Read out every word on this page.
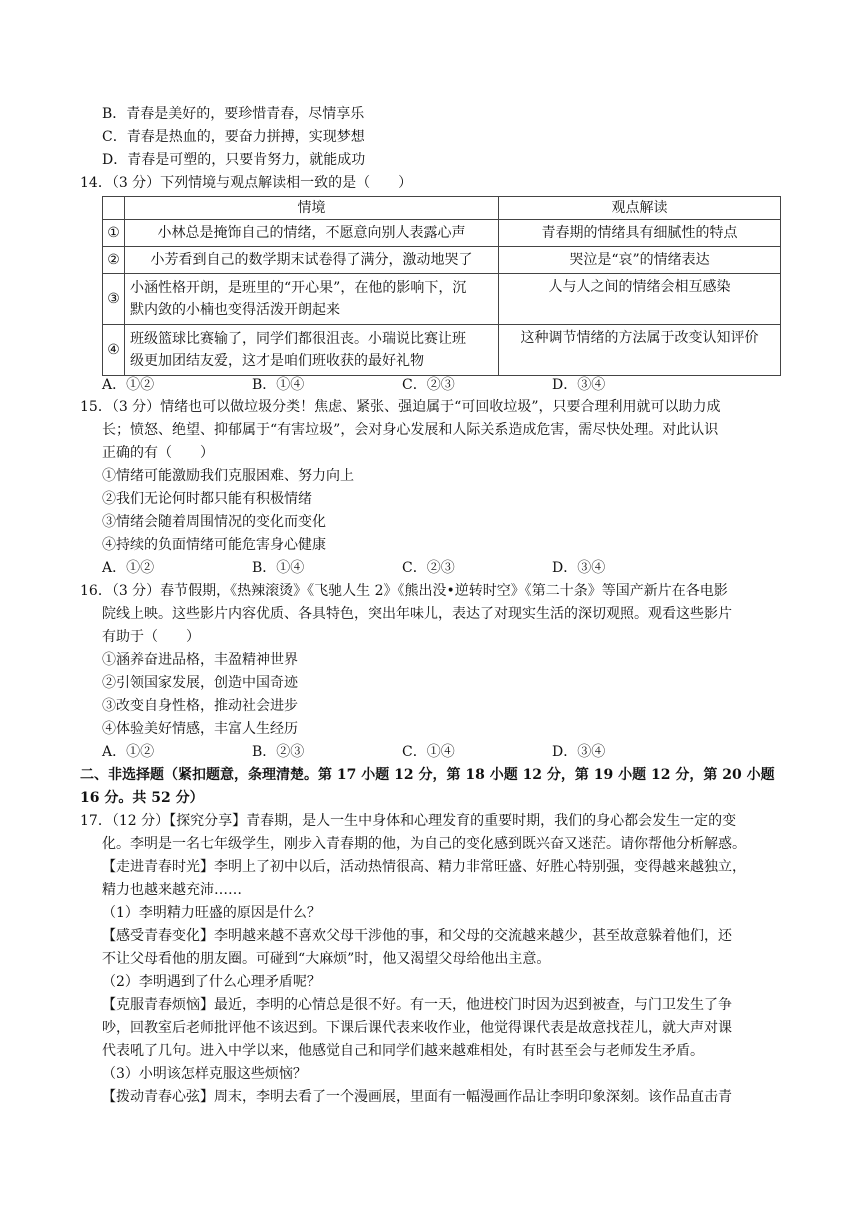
B．青春是美好的，要珍惜青春，尽情享乐
C．青春是热血的，要奋力拼搏，实现梦想
D．青春是可塑的，只要肯努力，就能成功
14．（3 分）下列情境与观点解读相一致的是（　　）
	情境	观点解读
①	小林总是掩饰自己的情绪，不愿意向别人表露心声	青春期的情绪具有细腻性的特点
②	小芳看到自己的数学期末试卷得了满分，激动地哭了	哭泣是“哀”的情绪表达
③	小涵性格开朗，是班里的“开心果”，在他的影响下，沉
默内敛的小楠也变得活泼开朗起来	人与人之间的情绪会相互感染
④	班级篮球比赛输了，同学们都很沮丧。小瑞说比赛让班
级更加团结友爱，这才是咱们班收获的最好礼物	这种调节情绪的方法属于改变认知评价
A．①②	B．①④	C．②③	D．③④
15．（3 分）情绪也可以做垃圾分类！焦虑、紧张、强迫属于“可回收垃圾”，只要合理利用就可以助力成
长；愤怒、绝望、抑郁属于“有害垃圾”，会对身心发展和人际关系造成危害，需尽快处理。对此认识
正确的有（　　）
①情绪可能激励我们克服困难、努力向上
②我们无论何时都只能有积极情绪
③情绪会随着周围情况的变化而变化
④持续的负面情绪可能危害身心健康
A．①②	B．①④	C．②③	D．③④
16．（3 分）春节假期，《热辣滚烫》《飞驰人生 2》《熊出没•逆转时空》《第二十条》等国产新片在各电影
院线上映。这些影片内容优质、各具特色，突出年味儿，表达了对现实生活的深切观照。观看这些影片
有助于（　　）
①涵养奋进品格，丰盈精神世界
②引领国家发展，创造中国奇迹
③改变自身性格，推动社会进步
④体验美好情感，丰富人生经历
A．①②	B．②③	C．①④	D．③④
二、非选择题（紧扣题意，条理清楚。第 17 小题 12 分，第 18 小题 12 分，第 19 小题 12 分，第 20 小题
16 分。共 52 分）
17．（12 分）【探究分享】青春期，是人一生中身体和心理发育的重要时期，我们的身心都会发生一定的变
化。李明是一名七年级学生，刚步入青春期的他，为自己的变化感到既兴奋又迷茫。请你帮他分析解惑。
【走进青春时光】李明上了初中以后，活动热情很高、精力非常旺盛、好胜心特别强，变得越来越独立，
精力也越来越充沛……
（1）李明精力旺盛的原因是什么？
【感受青春变化】李明越来越不喜欢父母干涉他的事，和父母的交流越来越少，甚至故意躲着他们，还
不让父母看他的朋友圈。可碰到“大麻烦”时，他又渴望父母给他出主意。
（2）李明遇到了什么心理矛盾呢？
【克服青春烦恼】最近，李明的心情总是很不好。有一天，他进校门时因为迟到被查，与门卫发生了争
吵，回教室后老师批评他不该迟到。下课后课代表来收作业，他觉得课代表是故意找茬儿，就大声对课
代表吼了几句。进入中学以来，他感觉自己和同学们越来越难相处，有时甚至会与老师发生矛盾。
（3）小明该怎样克服这些烦恼？
【拨动青春心弦】周末，李明去看了一个漫画展，里面有一幅漫画作品让李明印象深刻。该作品直击青
